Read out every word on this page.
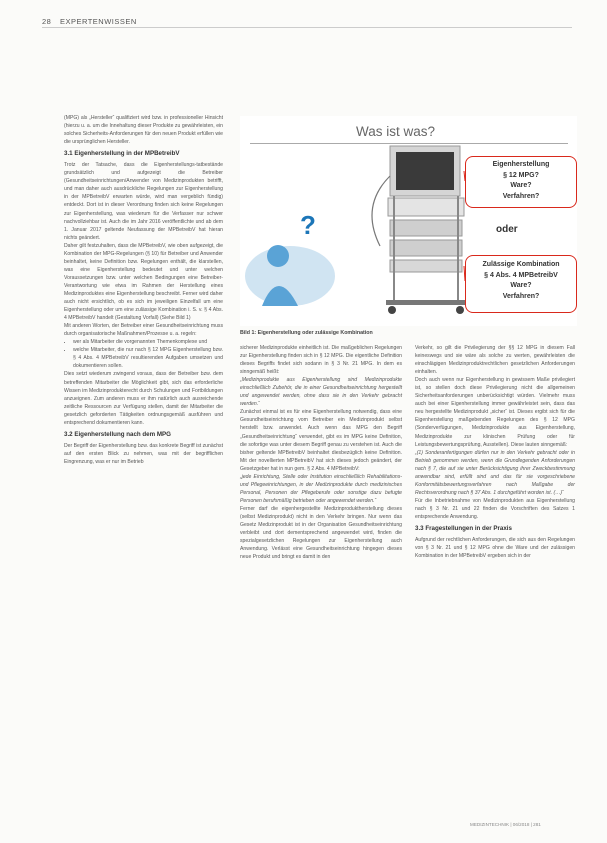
28 EXPERTENWISSEN

(MPG) als „Hersteller“ qualifiziert wird bzw. in professioneller Hinsicht (hierzu u. a. um die Innehaltung dieser Produkte zu gewährleisten, ein solches Sicherheits-Anforderungen für den neuen Produkt erfüllen wie die ursprünglichen Hersteller.

3.1 Eigenherstellung in der MPBetreibV

Trotz der Tatsache, dass die Eigenherstellungs-tatbestände grundsätzlich und aufgezeigt die Betreiber (Gesundheitseinrichtungen/Anwender von Medizinprodukten betrifft, und man daher auch ausdrückliche Regelungen zur Eigenherstellung in der MPBetreibV erwarten würde, wird man vergeblich fündig) entdeckt. Dort ist in dieser Verordnung finden sich keine Regelungen zur Eigenherstellung, was wiederum für die Verfasser nur schwer nachvollziehbar ist. Auch die im Jahr 2016 veröffentlichte und ab dem 1. Januar 2017 geltende Neufassung der MPBetreibV hat hieran nichts geändert.

Daher gilt festzuhalten, dass die MPBetreibV, wie oben aufgezeigt, die Kombination der MPG-Regelungen (§ 10) für Betreiber und Anwender beinhaltet, keine Definition bzw. Regelungen enthält, die klarstellen, was eine Eigenherstellung bedeutet und unter welchen Voraussetzungen bzw. unter welchen Bedingungen eine Betreiber-Verantwortung wie etwa im Rahmen der Herstellung eines Medizinproduktes eine Eigenherstellung beschreibt. Ferner wird daher auch nicht ersichtlich, ob es sich im jeweiligen Einzelfall um eine Eigenherstellung oder um eine zulässige Kombination i. S. v. § 4 Abs. 4 MPBetreibV handelt (Gestaltung Vorfall) (Siehe Bild 1)

Mit anderen Worten, der Betreiber einer Gesundheitseinrichtung muss durch organisatorische Maßnahmen/Prozesse u. a. regeln:

• wer als Mitarbeiter die vorgenannten Themenkomplexe und
• welche Mitarbeiter, die nur nach § 12 MPG Eigenherstellung bzw. § 4 Abs. 4 MPBetreibV resultierenden Aufgaben umsetzen und dokumentieren sollen.

Dies setzt wiederum zwingend voraus, dass der Betreiber bzw. dem betreffenden Mitarbeiter die Möglichkeit gibt, sich das erforderliche Wissen im Medizinprodukterecht durch Schulungen und Fortbildungen anzueignen. Zum anderen muss er ihm natürlich auch ausreichende zeitliche Ressourcen zur Verfügung stellen, damit der Mitarbeiter die gesetzlich geforderten Tätigkeiten ordnungsgemäß ausführen und entsprechend dokumentieren kann.

3.2 Eigenherstellung nach dem MPG

Der Begriff der Eigenherstellung bzw. das konkrete Begriff ist zunächst auf den ersten Blick zu nehmen, was mit der begrifflichen Eingrenzung, was er nur im Betrieb

?
Was ist was?
Eigenherstellung
§ 12 MPG?
Ware?
Verfahren?
oder
Zulässige Kombination
§ 4 Abs. 4 MPBetreibV
Ware?
Verfahren?
Bild 1: Eigenherstellung oder zulässige Kombination

sicherer Medizinprodukte einheitlich ist. Die maßgeblichen Regelungen zur Eigenherstellung finden sich in § 12 MPG. Die eigentliche Definition dieses Begriffs findet sich sodann in § 3 Nr. 21 MPG. In dem es sinngemäß heißt:

„Medizinprodukte aus Eigenherstellung sind Medizinprodukte einschließlich Zubehör, die in einer Gesundheitseinrichtung hergestellt und angewendet werden, ohne dass sie in den Verkehr gebracht werden.“

Zunächst einmal ist es für eine Eigenherstellung notwendig, dass eine Gesundheitseinrichtung vom Betreiber ein Medizinprodukt selbst herstellt bzw. anwendet. Auch wenn das MPG den Begriff „Gesundheitseinrichtung“ verwendet, gibt es im MPG keine Definition, die sofortige was unter diesem Begriff genau zu verstehen ist. Auch die bisher geltende MPBetreibV beinhaltet diesbezüglich keine Definition. Mit der novellierten MPBetreibV hat sich dieses jedoch geändert, der Gesetzgeber hat in nun gem. § 2 Abs. 4 MPBetreibV:

„jede Einrichtung, Stelle oder Institution einschließlich Rehabilitations- und Pflegeeinrichtungen, in der Medizinprodukte durch medizinisches Personal, Personen der Pflegeberufe oder sonstige dazu befugte Personen berufsmäßig betrieben oder angewendet werden.“

Ferner darf die eigenhergestellte Medizinproduktherstellung dieses (selbst Medizinprodukt) nicht in den Verkehr bringen. Nur wenn das Gesetz Medizinprodukt ist in der Organisation Gesundheitseinrichtung verbleibt und dort dementsprechend angewendet wird, finden die spezialgesetzlichen Regelungen zur Eigenherstellung auch Anwendung. Verlässt eine Gesundheitseinrichtung hingegen dieses neue Produkt und bringt es damit in den

Verkehr, so gilt die Privilegierung der §§ 12 MPG in diesem Fall keineswegs und sie wäre als solche zu werten, gewährleisten die einschlägigen Medizinproduktrechtlichen gesetzlichen Anforderungen einhalten.

Doch auch wenn nur Eigenherstellung in gewissem Maße privilegiert ist, so stellen doch diese Privilegierung nicht die allgemeinen Sicherheitsanforderungen unberücksichtigt würden. Vielmehr muss auch bei einer Eigenherstellung immer gewährleistet sein, dass das neu hergestellte Medizinprodukt „sicher“ ist. Dieses ergibt sich für die Eigenherstellung maßgebenden Regelungen des § 12 MPG (Sonderverfügungen, Medizinprodukte aus Eigenherstellung, Medizinprodukte zur klinischen Prüfung oder für Leistungsbewertungsprüfung, Ausstellen). Diese lauten sinngemäß:

„(1) Sonderanfertigungen dürfen nur in den Verkehr gebracht oder in Betrieb genommen werden, wenn die Grundlegenden Anforderungen nach § 7, die auf sie unter Berücksichtigung ihrer Zweckbestimmung anwendbar sind, erfüllt sind und das für sie vorgeschriebene Konformitätsbewertungsverfahren nach Maßgabe der Rechtsverordnung nach § 37 Abs. 1 durchgeführt worden ist. (…)“

Für die Inbetriebnahme von Medizinprodukten aus Eigenherstellung nach § 3 Nr. 21 und 22 finden die Vorschriften des Satzes 1 entsprechende Anwendung.

3.3 Fragestellungen in der Praxis

Aufgrund der rechtlichen Anforderungen, die sich aus den Regelungen von § 3 Nr. 21 und § 12 MPG ohne die Ware und der zulässigen Kombination in der MPBetreibV ergeben sich in der

MEDIZINTECHNIK | 06/2018 | 281
